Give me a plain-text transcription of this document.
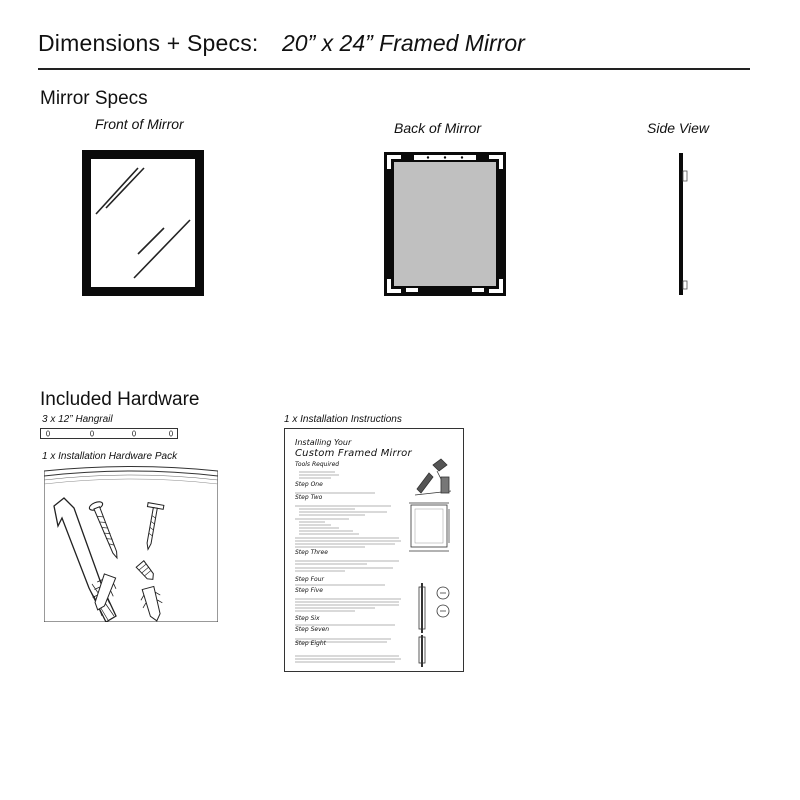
Dimensions + Specs: 20” x 24” Framed Mirror
Mirror Specs
Front of Mirror	Back of Mirror	Side View
Included Hardware
3 x 12” Hangrail
1 x Installation Hardware Pack
1 x Installation Instructions
Installing Your
Custom Framed Mirror
Tools Required
Step One
Step Two
Step Three
Step Four
Step Five
Step Six
Step Seven
Step Eight
